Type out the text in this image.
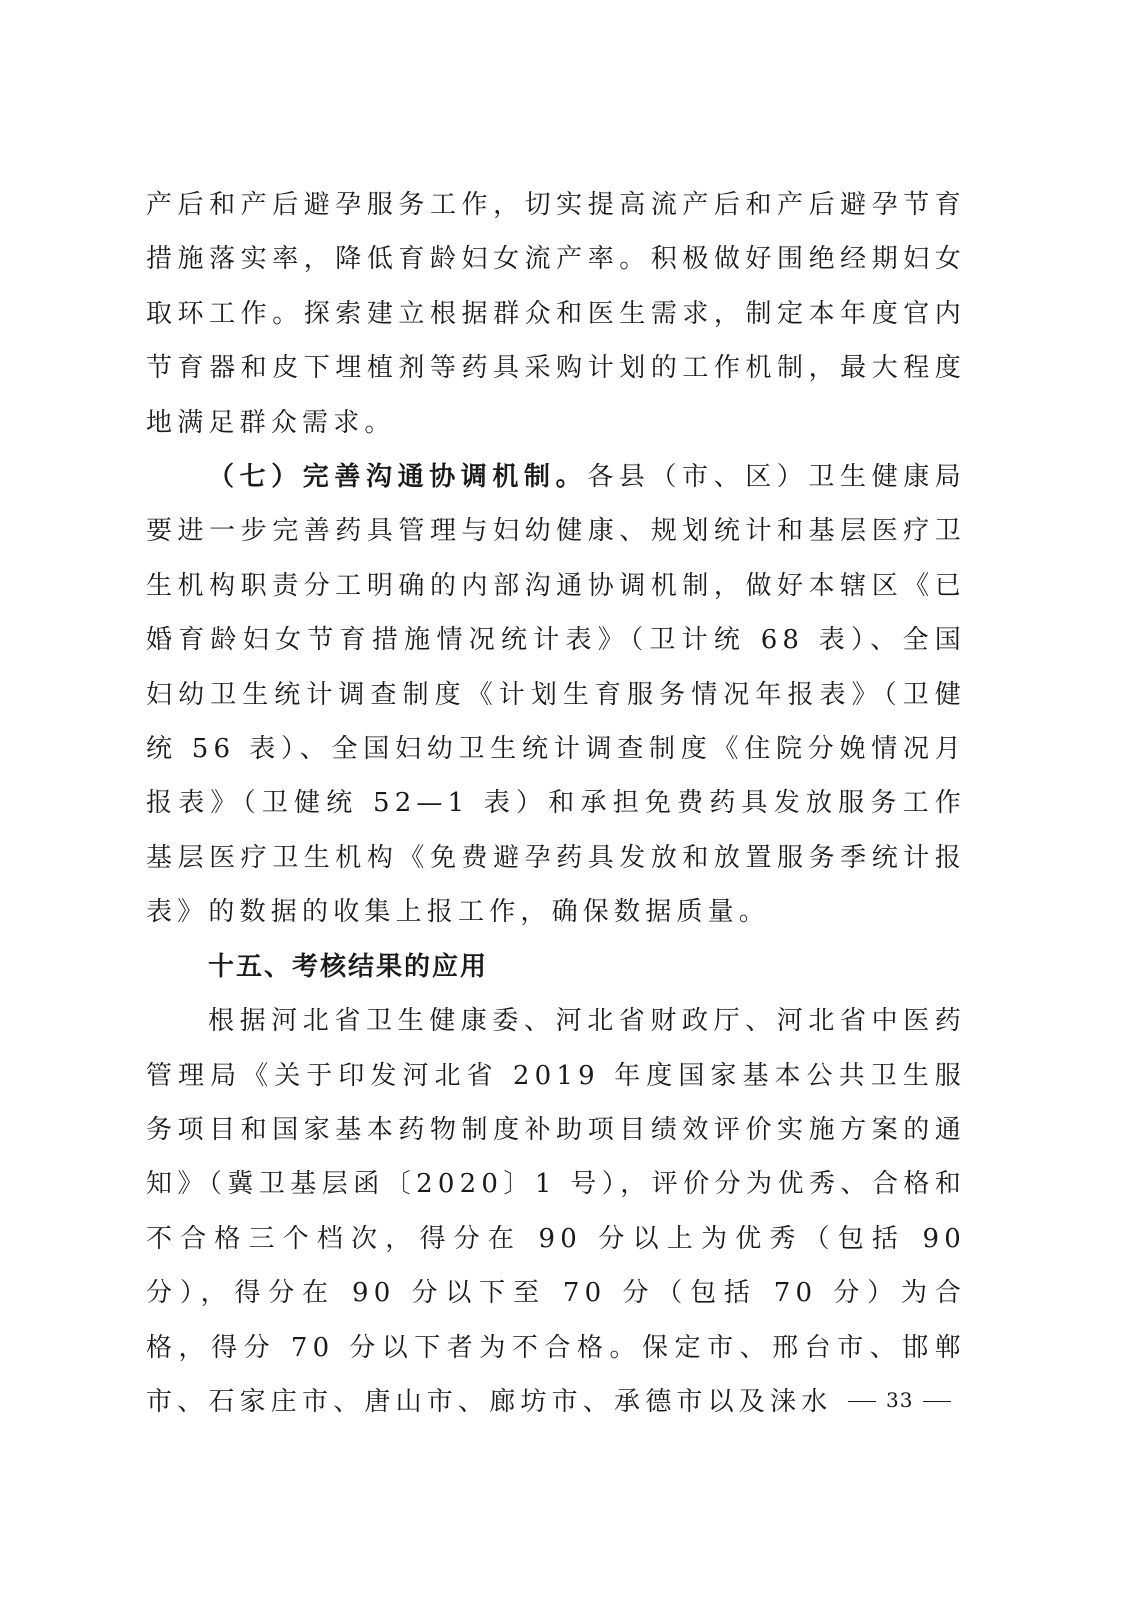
产后和产后避孕服务工作，切实提高流产后和产后避孕节育措施落实率，降低育龄妇女流产率。积极做好围绝经期妇女取环工作。探索建立根据群众和医生需求，制定本年度官内节育器和皮下埋植剂等药具采购计划的工作机制，最大程度地满足群众需求。

（七）完善沟通协调机制。各县（市、区）卫生健康局要进一步完善药具管理与妇幼健康、规划统计和基层医疗卫生机构职责分工明确的内部沟通协调机制，做好本辖区《已婚育龄妇女节育措施情况统计表》（卫计统 68 表）、全国妇幼卫生统计调查制度《计划生育服务情况年报表》（卫健统 56 表）、全国妇幼卫生统计调查制度《住院分娩情况月报表》（卫健统 52—1 表）和承担免费药具发放服务工作基层医疗卫生机构《免费避孕药具发放和放置服务季统计报表》的数据的收集上报工作，确保数据质量。

十五、考核结果的应用

根据河北省卫生健康委、河北省财政厅、河北省中医药管理局《关于印发河北省 2019 年度国家基本公共卫生服务项目和国家基本药物制度补助项目绩效评价实施方案的通知》（冀卫基层函〔2020〕1 号），评价分为优秀、合格和不合格三个档次，得分在 90 分以上为优秀（包括 90 分），得分在 90 分以下至 70 分（包括 70 分）为合格，得分 70 分以下者为不合格。保定市、邢台市、邯郸市、石家庄市、唐山市、廊坊市、承德市以及涞水	33
